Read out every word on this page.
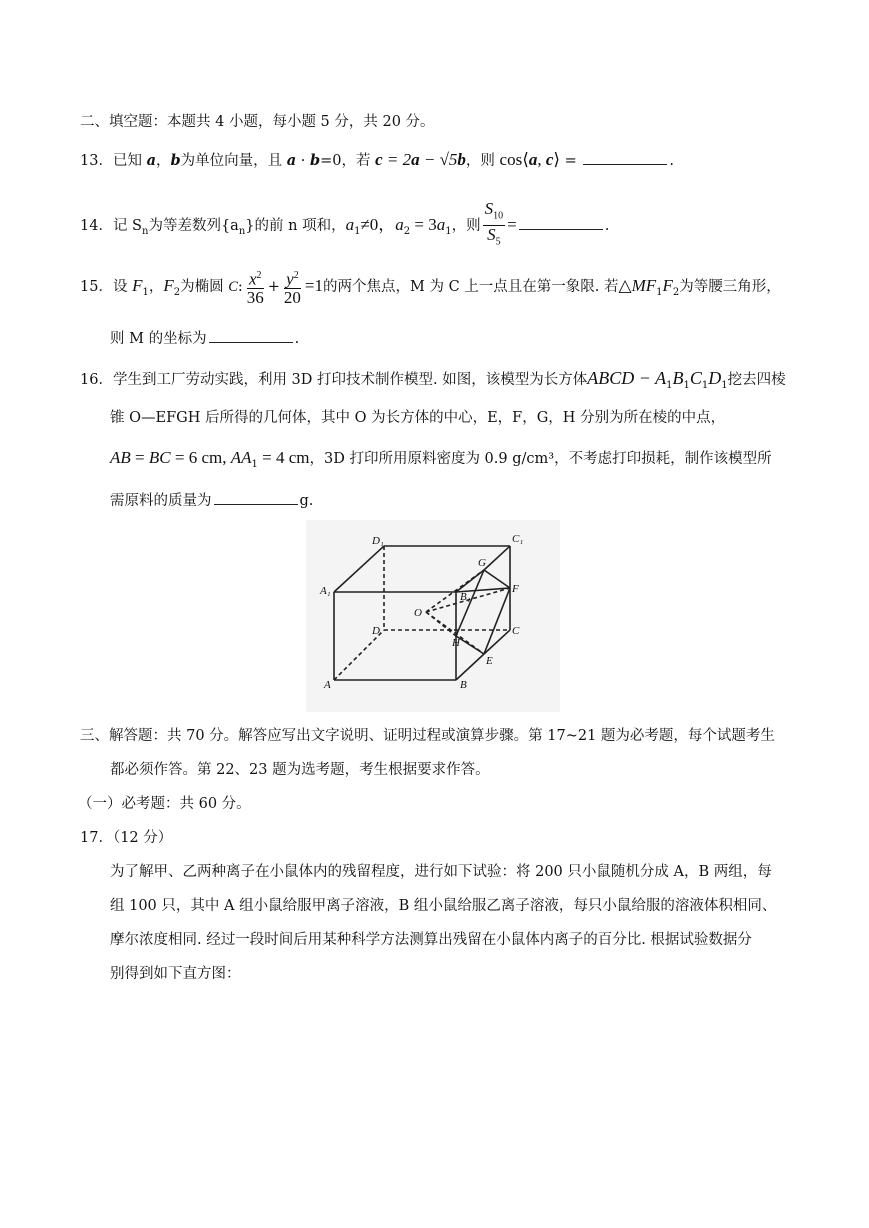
二、填空题：本题共 4 小题，每小题 5 分，共 20 分。
13．已知 a，b为单位向量，且 a · b=0，若 c = 2a − √5b，则 cos⟨a, c⟩ =	.
14．记 $S_n$为等差数列$\{a_n\}$的前 n 项和，$a_1\ne 0$，$a_2 = 3a_1$，则 $\frac{S_{10}}{S_5}$ =	.
15．设 $F_1$，$F_2$为椭圆 C: $\frac{x^2}{36} + \frac{y^2}{20} =1$的两个焦点，M 为 C 上一点且在第一象限. 若$\triangle MF_1F_2$为等腰三角形，
则 M 的坐标为	.
16．学生到工厂劳动实践，利用 3D 打印技术制作模型. 如图，该模型为长方体ABCD − $A_1B_1C_1D_1$挖去四棱
锥 O—EFGH 后所得的几何体，其中 O 为长方体的中心，E，F，G，H 分别为所在棱的中点，
AB = BC = 6 cm, $AA_1 = 4$ cm，3D 打印所用原料密度为 0.9 g/cm³，不考虑打印损耗，制作该模型所
需原料的质量为	g.
D₁	C₁
A₁
G
B₁
F
O
D
H
C
E
A	B
三、解答题：共 70 分。解答应写出文字说明、证明过程或演算步骤。第 17~21 题为必考题，每个试题考生
都必须作答。第 22、23 题为选考题，考生根据要求作答。
（一）必考题：共 60 分。
17．（12 分）
为了解甲、乙两种离子在小鼠体内的残留程度，进行如下试验：将 200 只小鼠随机分成 A，B 两组，每
组 100 只，其中 A 组小鼠给服甲离子溶液，B 组小鼠给服乙离子溶液，每只小鼠给服的溶液体积相同、
摩尔浓度相同. 经过一段时间后用某种科学方法测算出残留在小鼠体内离子的百分比. 根据试验数据分
别得到如下直方图：
